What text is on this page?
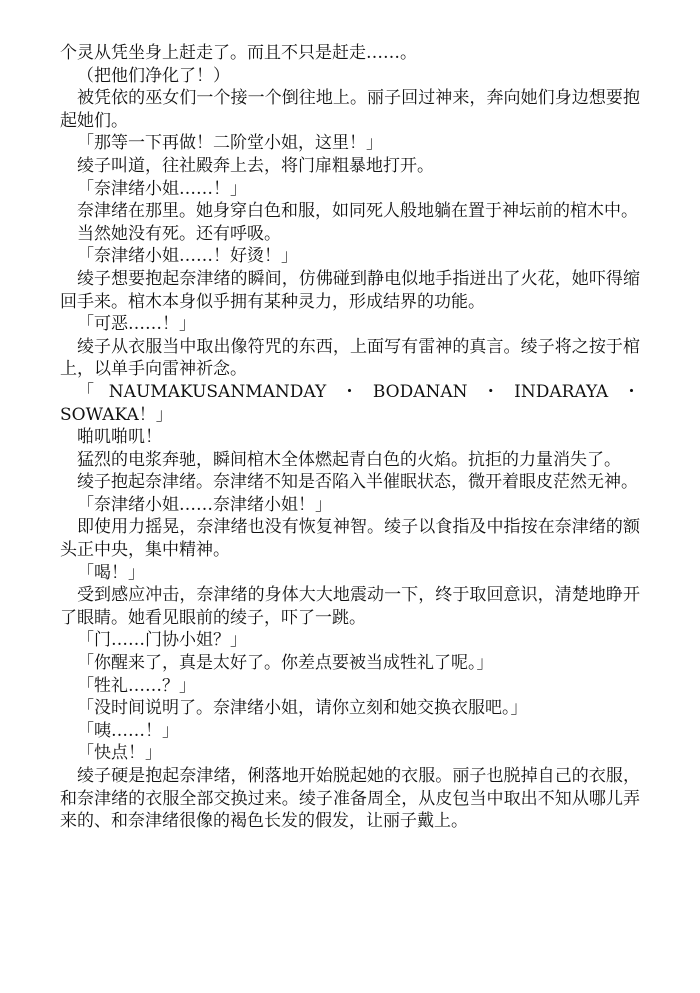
个灵从凭坐身上赶走了。而且不只是赶走……。

（把他们净化了！）

被凭依的巫女们一个接一个倒往地上。丽子回过神来，奔向她们身边想要抱起她们。

「那等一下再做！二阶堂小姐，这里！」

绫子叫道，往社殿奔上去，将门扉粗暴地打开。

「奈津绪小姐……！」

奈津绪在那里。她身穿白色和服，如同死人般地躺在置于神坛前的棺木中。

当然她没有死。还有呼吸。

「奈津绪小姐……！好烫！」

绫子想要抱起奈津绪的瞬间，仿佛碰到静电似地手指迸出了火花，她吓得缩回手来。棺木本身似乎拥有某种灵力，形成结界的功能。

「可恶……！」

绫子从衣服当中取出像符咒的东西，上面写有雷神的真言。绫子将之按于棺上，以单手向雷神祈念。

「NAUMAKUSANMANDAY・BODANAN・INDARAYA・SOWAKA！」

啪叽啪叽！

猛烈的电浆奔驰，瞬间棺木全体燃起青白色的火焰。抗拒的力量消失了。

绫子抱起奈津绪。奈津绪不知是否陷入半催眠状态，微开着眼皮茫然无神。

「奈津绪小姐……奈津绪小姐！」

即使用力摇晃，奈津绪也没有恢复神智。绫子以食指及中指按在奈津绪的额头正中央，集中精神。

「喝！」

受到感应冲击，奈津绪的身体大大地震动一下，终于取回意识，清楚地睁开了眼睛。她看见眼前的绫子，吓了一跳。

「门……门协小姐？」

「你醒来了，真是太好了。你差点要被当成牲礼了呢。」

「牲礼……？」

「没时间说明了。奈津绪小姐，请你立刻和她交换衣服吧。」

「咦……！」

「快点！」

绫子硬是抱起奈津绪，俐落地开始脱起她的衣服。丽子也脱掉自己的衣服，和奈津绪的衣服全部交换过来。绫子准备周全，从皮包当中取出不知从哪儿弄来的、和奈津绪很像的褐色长发的假发，让丽子戴上。
